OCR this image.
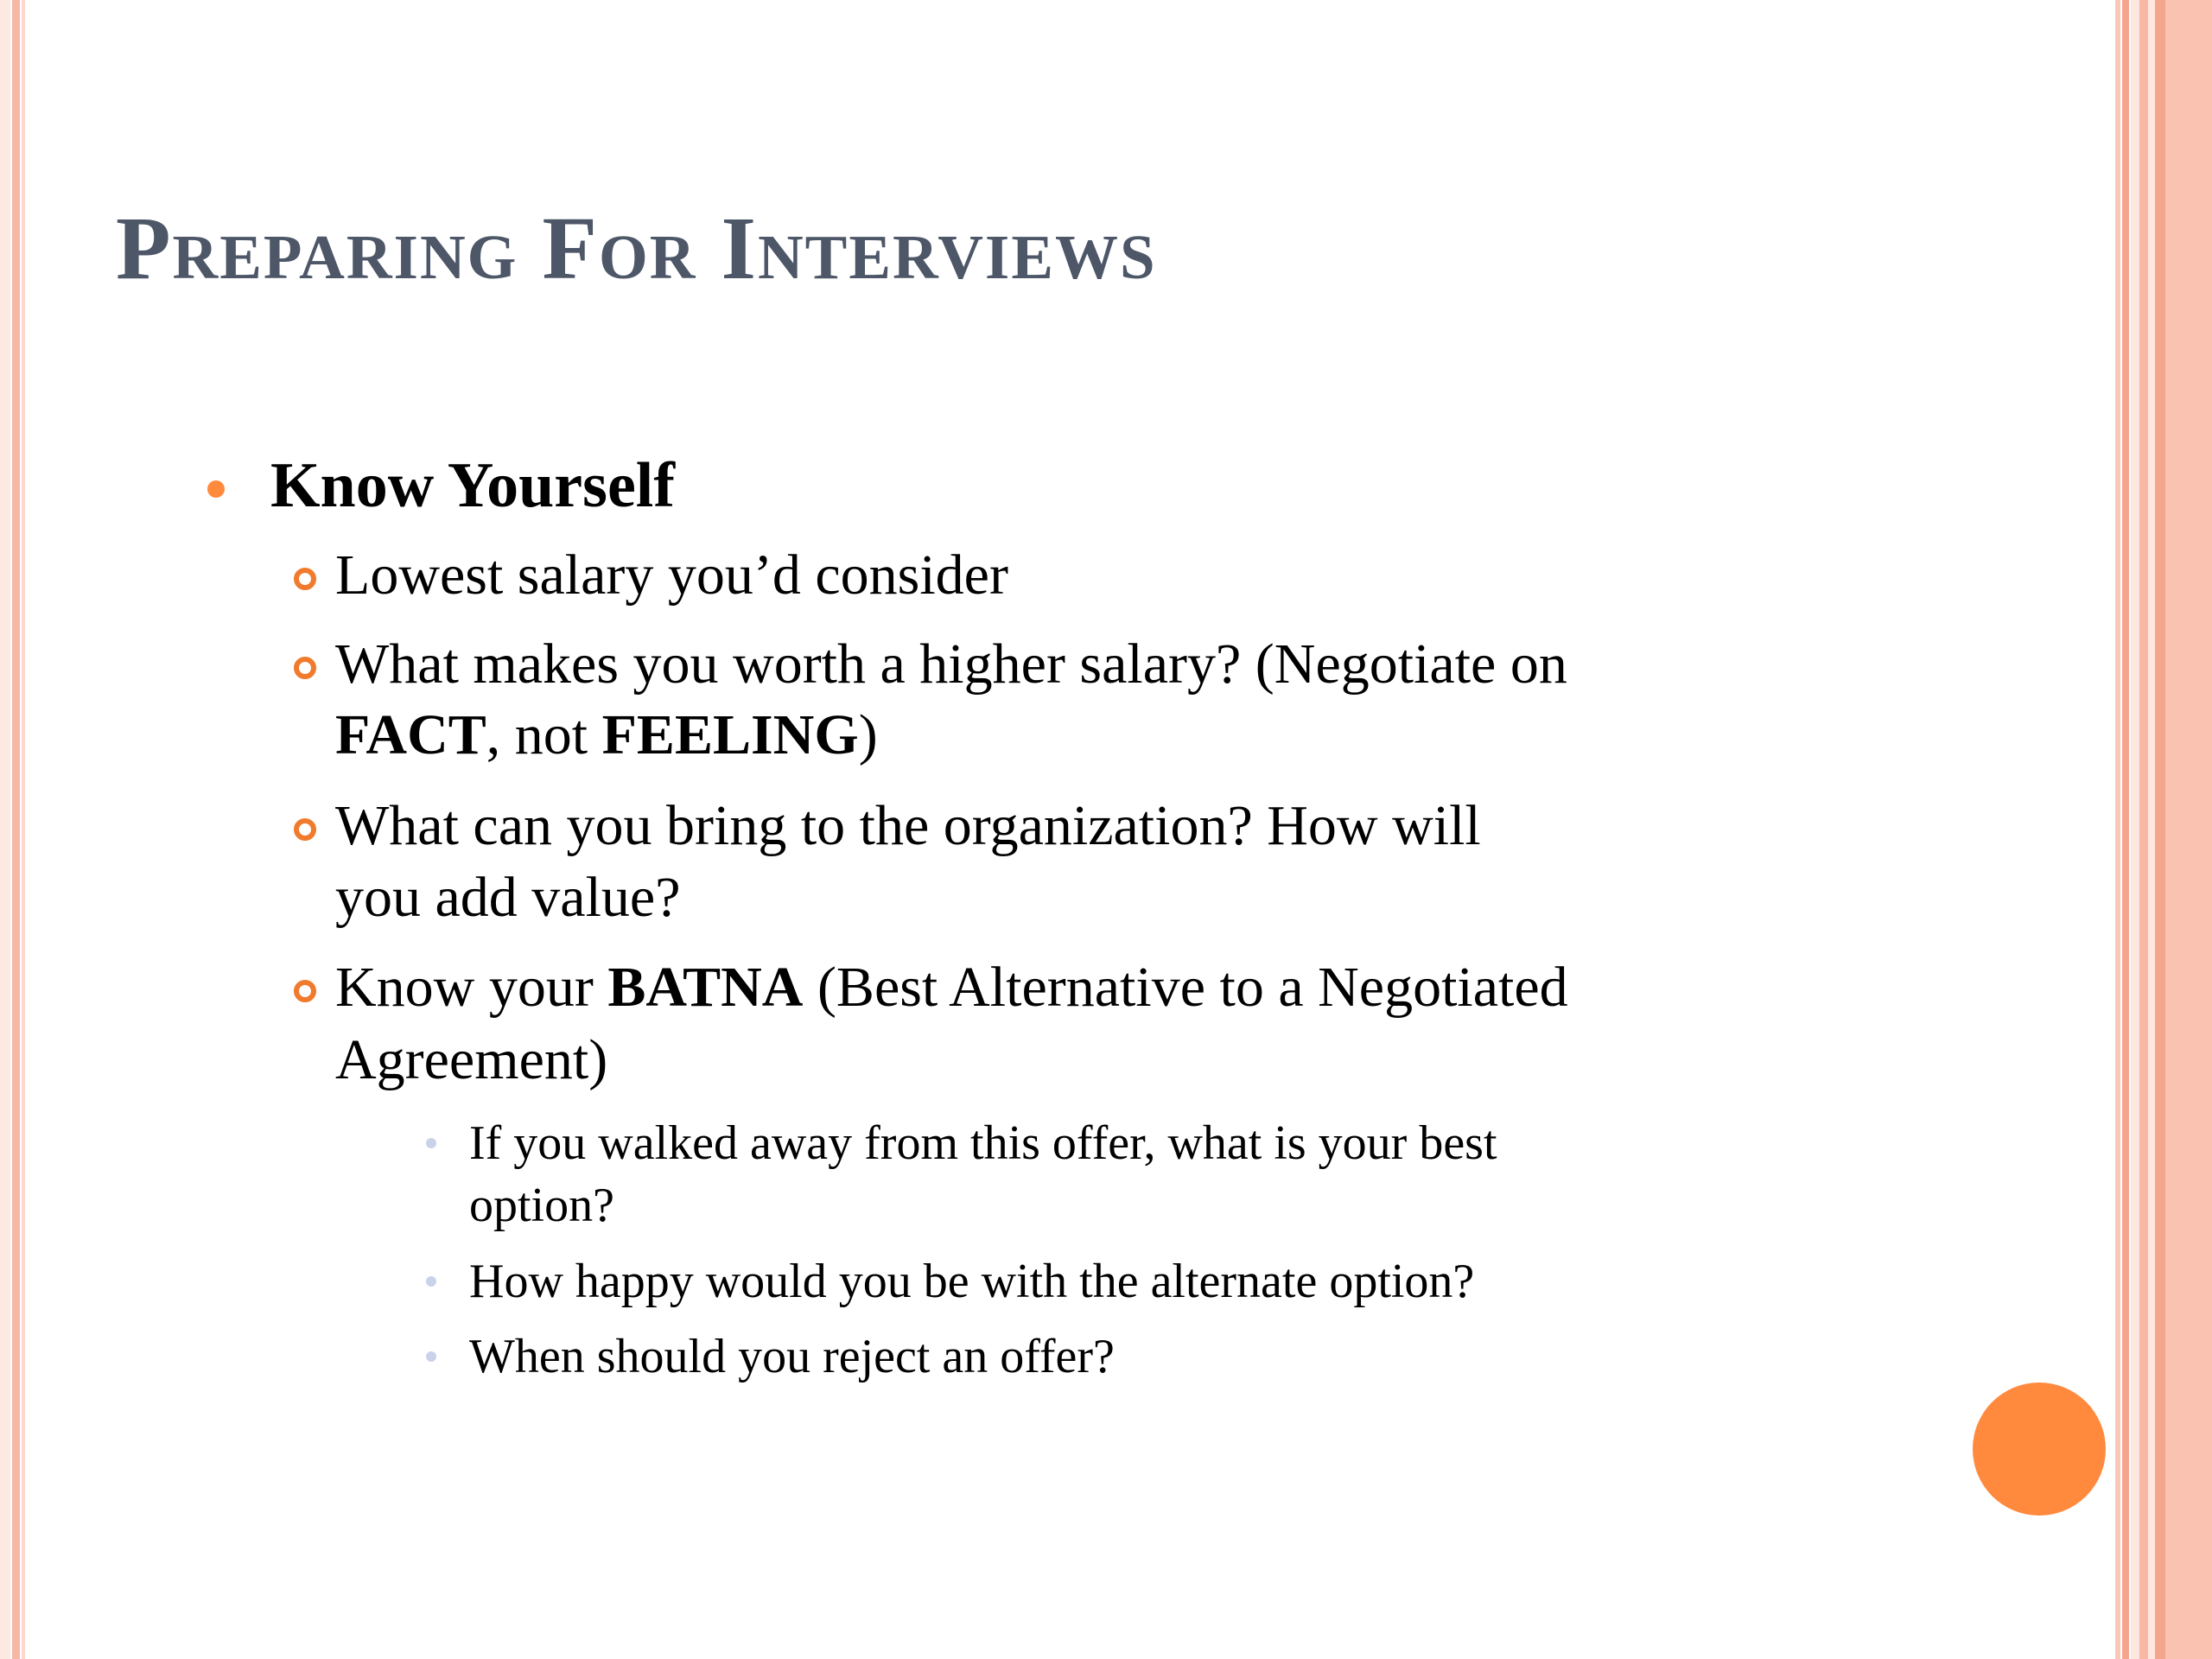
Preparing For Interviews
Know Yourself
Lowest salary you’d consider
What makes you worth a higher salary? (Negotiate on
FACT, not FEELING)
What can you bring to the organization? How will
you add value?
Know your BATNA (Best Alternative to a Negotiated
Agreement)
If you walked away from this offer, what is your best
option?
How happy would you be with the alternate option?
When should you reject an offer?
